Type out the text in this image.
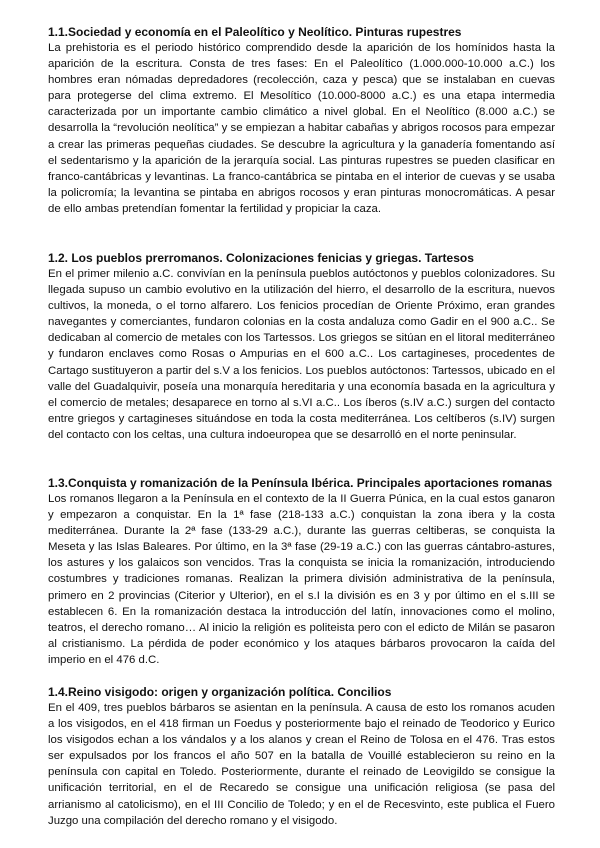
1.1.Sociedad y economía en el Paleolítico y Neolítico. Pinturas rupestres

La prehistoria es el periodo histórico comprendido desde la aparición de los homínidos hasta la aparición de la escritura. Consta de tres fases: En el Paleolítico (1.000.000-10.000 a.C.) los hombres eran nómadas depredadores (recolección, caza y pesca) que se instalaban en cuevas para protegerse del clima extremo. El Mesolítico (10.000-8000 a.C.) es una etapa intermedia caracterizada por un importante cambio climático a nivel global. En el Neolítico (8.000 a.C.) se desarrolla la “revolución neolítica” y se empiezan a habitar cabañas y abrigos rocosos para empezar a crear las primeras pequeñas ciudades. Se descubre la agricultura y la ganadería fomentando así el sedentarismo y la aparición de la jerarquía social. Las pinturas rupestres se pueden clasificar en franco-cantábricas y levantinas. La franco-cantábrica se pintaba en el interior de cuevas y se usaba la policromía; la levantina se pintaba en abrigos rocosos y eran pinturas monocromáticas. A pesar de ello ambas pretendían fomentar la fertilidad y propiciar la caza.

1.2. Los pueblos prerromanos. Colonizaciones fenicias y griegas. Tartesos

En el primer milenio a.C. convivían en la península pueblos autóctonos y pueblos colonizadores. Su llegada supuso un cambio evolutivo en la utilización del hierro, el desarrollo de la escritura, nuevos cultivos, la moneda, o el torno alfarero. Los fenicios procedían de Oriente Próximo, eran grandes navegantes y comerciantes, fundaron colonias en la costa andaluza como Gadir en el 900 a.C.. Se dedicaban al comercio de metales con los Tartessos. Los griegos se sitúan en el litoral mediterráneo y fundaron enclaves como Rosas o Ampurias en el 600 a.C.. Los cartagineses, procedentes de Cartago sustituyeron a partir del s.V a los fenicios. Los pueblos autóctonos: Tartessos, ubicado en el valle del Guadalquivir, poseía una monarquía hereditaria y una economía basada en la agricultura y el comercio de metales; desaparece en torno al s.VI a.C.. Los íberos (s.IV a.C.) surgen del contacto entre griegos y cartagineses situándose en toda la costa mediterránea. Los celtíberos (s.IV) surgen del contacto con los celtas, una cultura indoeuropea que se desarrolló en el norte peninsular.

1.3.Conquista y romanización de la Península Ibérica. Principales aportaciones romanas

Los romanos llegaron a la Península en el contexto de la II Guerra Púnica, en la cual estos ganaron y empezaron a conquistar. En la 1ª fase (218-133 a.C.) conquistan la zona ibera y la costa mediterránea. Durante la 2ª fase (133-29 a.C.), durante las guerras celtiberas, se conquista la Meseta y las Islas Baleares. Por último, en la 3ª fase (29-19 a.C.) con las guerras cántabro-astures, los astures y los galaicos son vencidos. Tras la conquista se inicia la romanización, introduciendo costumbres y tradiciones romanas. Realizan la primera división administrativa de la península, primero en 2 provincias (Citerior y Ulterior), en el s.I la división es en 3 y por último en el s.III se establecen 6. En la romanización destaca la introducción del latín, innovaciones como el molino, teatros, el derecho romano… Al inicio la religión es politeista pero con el edicto de Milán se pasaron al cristianismo. La pérdida de poder económico y los ataques bárbaros provocaron la caída del imperio en el 476 d.C.

1.4.Reino visigodo: origen y organización política. Concilios

En el 409, tres pueblos bárbaros se asientan en la península. A causa de esto los romanos acuden a los visigodos, en el 418 firman un Foedus y posteriormente bajo el reinado de Teodorico y Eurico los visigodos echan a los vándalos y a los alanos y crean el Reino de Tolosa en el 476. Tras estos ser expulsados por los francos el año 507 en la batalla de Vouillé establecieron su reino en la península con capital en Toledo. Posteriormente, durante el reinado de Leovigildo se consigue la unificación territorial, en el de Recaredo se consigue una unificación religiosa (se pasa del arrianismo al catolicismo), en el III Concilio de Toledo; y en el de Recesvinto, este publica el Fuero Juzgo una compilación del derecho romano y el visigodo.
